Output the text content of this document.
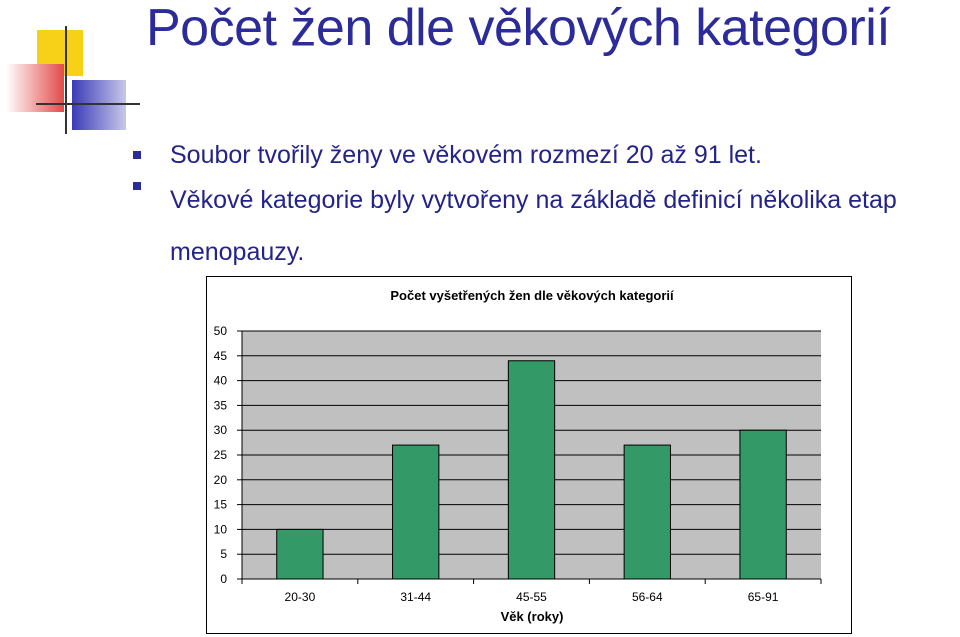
Počet žen dle věkových kategorií
Soubor tvořily ženy ve věkovém rozmezí 20 až 91 let.
Věkové kategorie byly vytvořeny na základě definicí několika etap menopauzy.
0
5
10
15
20
25
30
35
40
45
50
20-30	31-44	45-55	56-64	65-91
Počet vyšetřených žen dle věkových kategorií
Věk (roky)
